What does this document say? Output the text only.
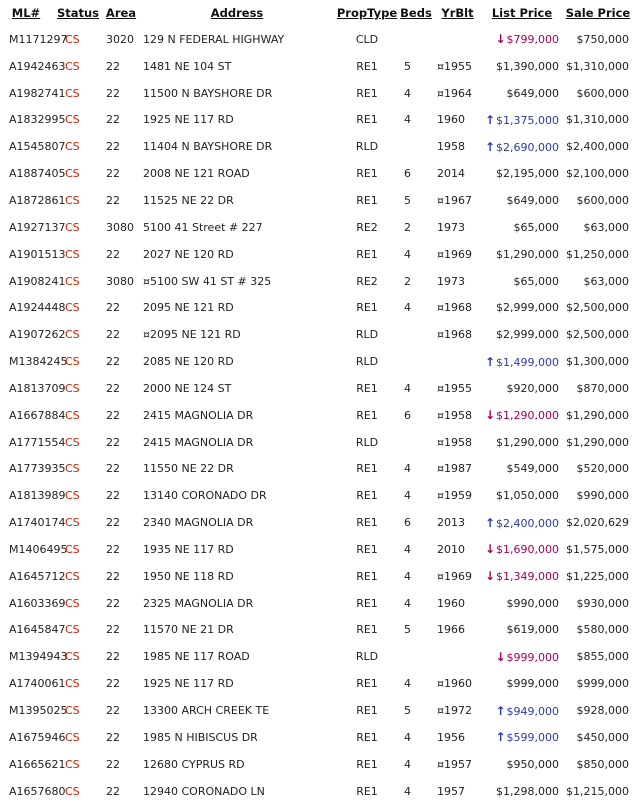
ML#	Status	Area	Address	PropType	Beds	YrBlt	List Price	Sale Price
M1171297	CS	3020	129 N FEDERAL HIGHWAY	CLD			↓$799,000	$750,000
A1942463	CS	22	1481 NE 104 ST	RE1	5	¤1955	$1,390,000	$1,310,000
A1982741	CS	22	11500 N BAYSHORE DR	RE1	4	¤1964	$649,000	$600,000
A1832995	CS	22	1925 NE 117 RD	RE1	4	1960	↑$1,375,000	$1,310,000
A1545807	CS	22	11404 N BAYSHORE DR	RLD		1958	↑$2,690,000	$2,400,000
A1887405	CS	22	2008 NE 121 ROAD	RE1	6	2014	$2,195,000	$2,100,000
A1872861	CS	22	11525 NE 22 DR	RE1	5	¤1967	$649,000	$600,000
A1927137	CS	3080	5100 41 Street # 227	RE2	2	1973	$65,000	$63,000
A1901513	CS	22	2027 NE 120 RD	RE1	4	¤1969	$1,290,000	$1,250,000
A1908241	CS	3080	¤5100 SW 41 ST # 325	RE2	2	1973	$65,000	$63,000
A1924448	CS	22	2095 NE 121 RD	RE1	4	¤1968	$2,999,000	$2,500,000
A1907262	CS	22	¤2095 NE 121 RD	RLD		¤1968	$2,999,000	$2,500,000
M1384245	CS	22	2085 NE 120 RD	RLD			↑$1,499,000	$1,300,000
A1813709	CS	22	2000 NE 124 ST	RE1	4	¤1955	$920,000	$870,000
A1667884	CS	22	2415 MAGNOLIA DR	RE1	6	¤1958	↓$1,290,000	$1,290,000
A1771554	CS	22	2415 MAGNOLIA DR	RLD		¤1958	$1,290,000	$1,290,000
A1773935	CS	22	11550 NE 22 DR	RE1	4	¤1987	$549,000	$520,000
A1813989	CS	22	13140 CORONADO DR	RE1	4	¤1959	$1,050,000	$990,000
A1740174	CS	22	2340 MAGNOLIA DR	RE1	6	2013	↑$2,400,000	$2,020,629
M1406495	CS	22	1935 NE 117 RD	RE1	4	2010	↓$1,690,000	$1,575,000
A1645712	CS	22	1950 NE 118 RD	RE1	4	¤1969	↓$1,349,000	$1,225,000
A1603369	CS	22	2325 MAGNOLIA DR	RE1	4	1960	$990,000	$930,000
A1645847	CS	22	11570 NE 21 DR	RE1	5	1966	$619,000	$580,000
M1394943	CS	22	1985 NE 117 ROAD	RLD			↓$999,000	$855,000
A1740061	CS	22	1925 NE 117 RD	RE1	4	¤1960	$999,000	$999,000
M1395025	CS	22	13300 ARCH CREEK TE	RE1	5	¤1972	↑$949,000	$928,000
A1675946	CS	22	1985 N HIBISCUS DR	RE1	4	1956	↑$599,000	$450,000
A1665621	CS	22	12680 CYPRUS RD	RE1	4	¤1957	$950,000	$850,000
A1657680	CS	22	12940 CORONADO LN	RE1	4	1957	$1,298,000	$1,215,000
